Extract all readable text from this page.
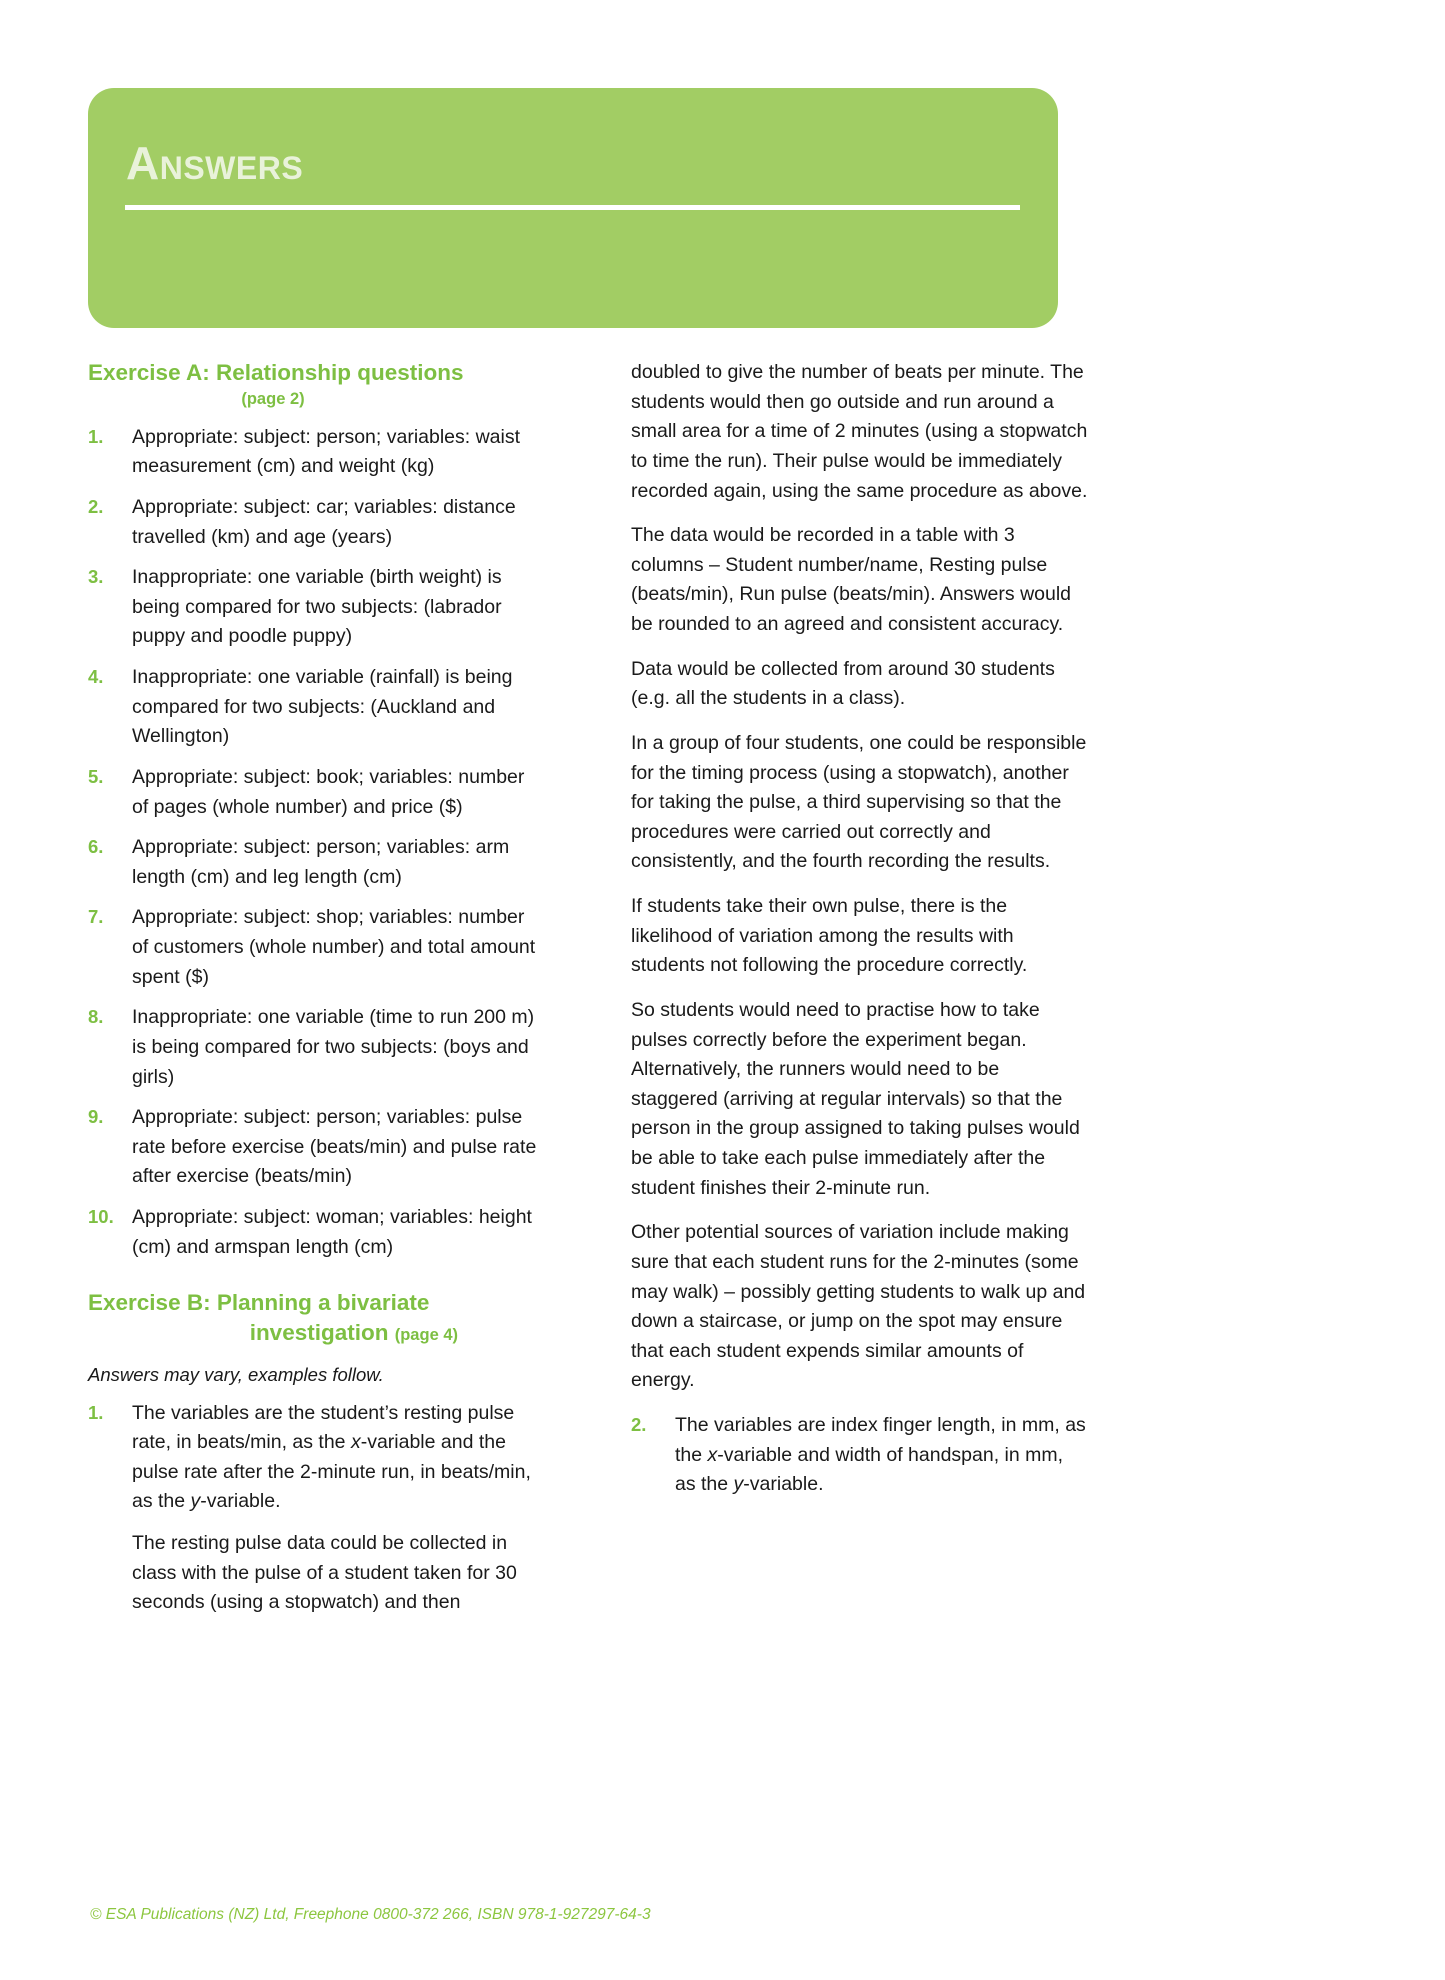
Answers
Exercise A: Relationship questions
(page 2)
1.	Appropriate: subject: person; variables: waist measurement (cm) and weight (kg)
2.	Appropriate: subject: car; variables: distance travelled (km) and age (years)
3.	Inappropriate: one variable (birth weight) is being compared for two subjects: (labrador puppy and poodle puppy)
4.	Inappropriate: one variable (rainfall) is being compared for two subjects: (Auckland and Wellington)
5.	Appropriate: subject: book; variables: number of pages (whole number) and price ($)
6.	Appropriate: subject: person; variables: arm length (cm) and leg length (cm)
7.	Appropriate: subject: shop; variables: number of customers (whole number) and total amount spent ($)
8.	Inappropriate: one variable (time to run 200 m) is being compared for two subjects: (boys and girls)
9.	Appropriate: subject: person; variables: pulse rate before exercise (beats/min) and pulse rate after exercise (beats/min)
10. Appropriate: subject: woman; variables: height (cm) and armspan length (cm)
Exercise B: Planning a bivariate
investigation (page 4)
Answers may vary, examples follow.
1.	The variables are the student’s resting pulse rate, in beats/min, as the x-variable and the pulse rate after the 2-minute run, in beats/min, as the y-variable.

The resting pulse data could be collected in class with the pulse of a student taken for 30 seconds (using a stopwatch) and then

doubled to give the number of beats per minute. The students would then go outside and run around a small area for a time of 2 minutes (using a stopwatch to time the run). Their pulse would be immediately recorded again, using the same procedure as above.

The data would be recorded in a table with 3 columns – Student number/name, Resting pulse (beats/min), Run pulse (beats/min). Answers would be rounded to an agreed and consistent accuracy.

Data would be collected from around 30 students (e.g. all the students in a class).

In a group of four students, one could be responsible for the timing process (using a stopwatch), another for taking the pulse, a third supervising so that the procedures were carried out correctly and consistently, and the fourth recording the results.

If students take their own pulse, there is the likelihood of variation among the results with students not following the procedure correctly.

So students would need to practise how to take pulses correctly before the experiment began. Alternatively, the runners would need to be staggered (arriving at regular intervals) so that the person in the group assigned to taking pulses would be able to take each pulse immediately after the student finishes their 2-minute run.

Other potential sources of variation include making sure that each student runs for the 2-minutes (some may walk) – possibly getting students to walk up and down a staircase, or jump on the spot may ensure that each student expends similar amounts of energy.

2.	The variables are index finger length, in mm, as the x-variable and width of handspan, in mm, as the y-variable.

© ESA Publications (NZ) Ltd, Freephone 0800-372 266, ISBN 978-1-927297-64-3
